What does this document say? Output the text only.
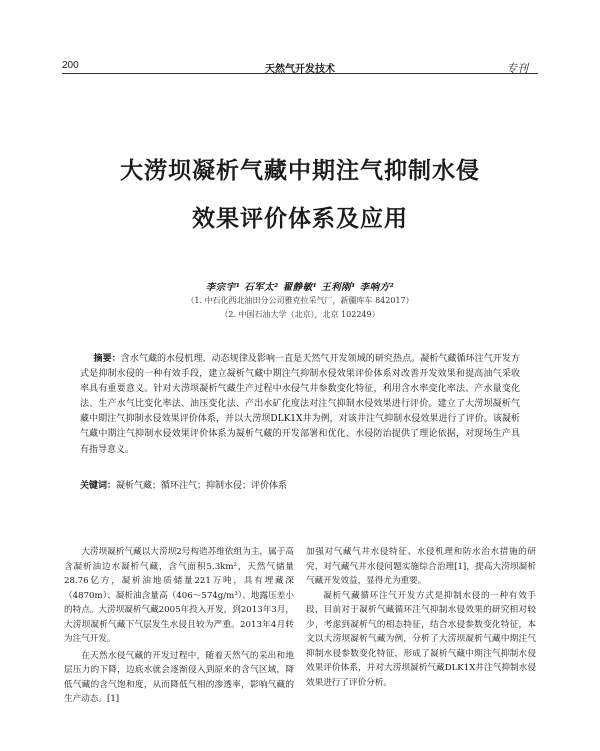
200	天然气开发技术	专刊
大涝坝凝析气藏中期注气抑制水侵
效果评价体系及应用
李宗宇¹ 石军太² 翟静敏¹ 王利刚¹ 李响方²
（1. 中石化西北油田分公司雅克拉采气厂，新疆库车 842017）
（2. 中国石油大学（北京），北京 102249）
摘要：含水气藏的水侵机理、动态规律及影响一直是天然气开发领域的研究热点。凝析气藏循环注气开发方式是抑制水侵的一种有效手段，建立凝析气藏中期注气抑制水侵效果评价体系对改善开发效果和提高油气采收率具有重要意义。针对大涝坝凝析气藏生产过程中水侵气井参数变化特征，利用含水率变化率法、产水量变化法、生产水气比变化率法、油压变化法、产出水矿化度法对注气抑制水侵效果进行评价。建立了大涝坝凝析气藏中期注气抑制水侵效果评价体系，并以大涝坝DLK1X井为例，对该井注气抑制水侵效果进行了评价。该凝析气藏中期注气抑制水侵效果评价体系为凝析气藏的开发部署和优化、水侵防治提供了理论依据，对现场生产具有指导意义。
关键词：凝析气藏；循环注气；抑制水侵；评价体系

大涝坝凝析气藏以大涝坝2号构造苏维依组为主，属于高含凝析油边水凝析气藏，含气面积5.3km²，天然气储量28.76亿方，凝析油地质储量221万吨，具有埋藏深（4870m）、凝析油含量高（406～574g/m³）、地露压差小的特点。大涝坝凝析气藏2005年投入开发，到2013年3月，大涝坝凝析气藏下气层发生水侵且较为严重。2013年4月转为注气开发。

在天然水侵气藏的开发过程中，随着天然气的采出和地层压力的下降，边底水就会逐渐侵入到原来的含气区域，降低气藏的含气饱和度，从而降低气相的渗透率，影响气藏的生产动态。[1]

加强对气藏气井水侵特征、水侵机理和防水治水措施的研究，对气藏气井水侵问题实施综合治理[1]，提高大涝坝凝析气藏开发效益，显得尤为重要。

凝析气藏循环注气开发方式是抑制水侵的一种有效手段，目前对于凝析气藏循环注气抑制水侵效果的研究相对较少，考虑到凝析气的相态特征，结合水侵参数变化特征，本文以大涝坝凝析气藏为例，分析了大涝坝凝析气藏中期注气抑制水侵参数变化特征，形成了凝析气藏中期注气抑制水侵效果评价体系，并对大涝坝凝析气藏DLK1X井注气抑制水侵效果进行了评价分析。
